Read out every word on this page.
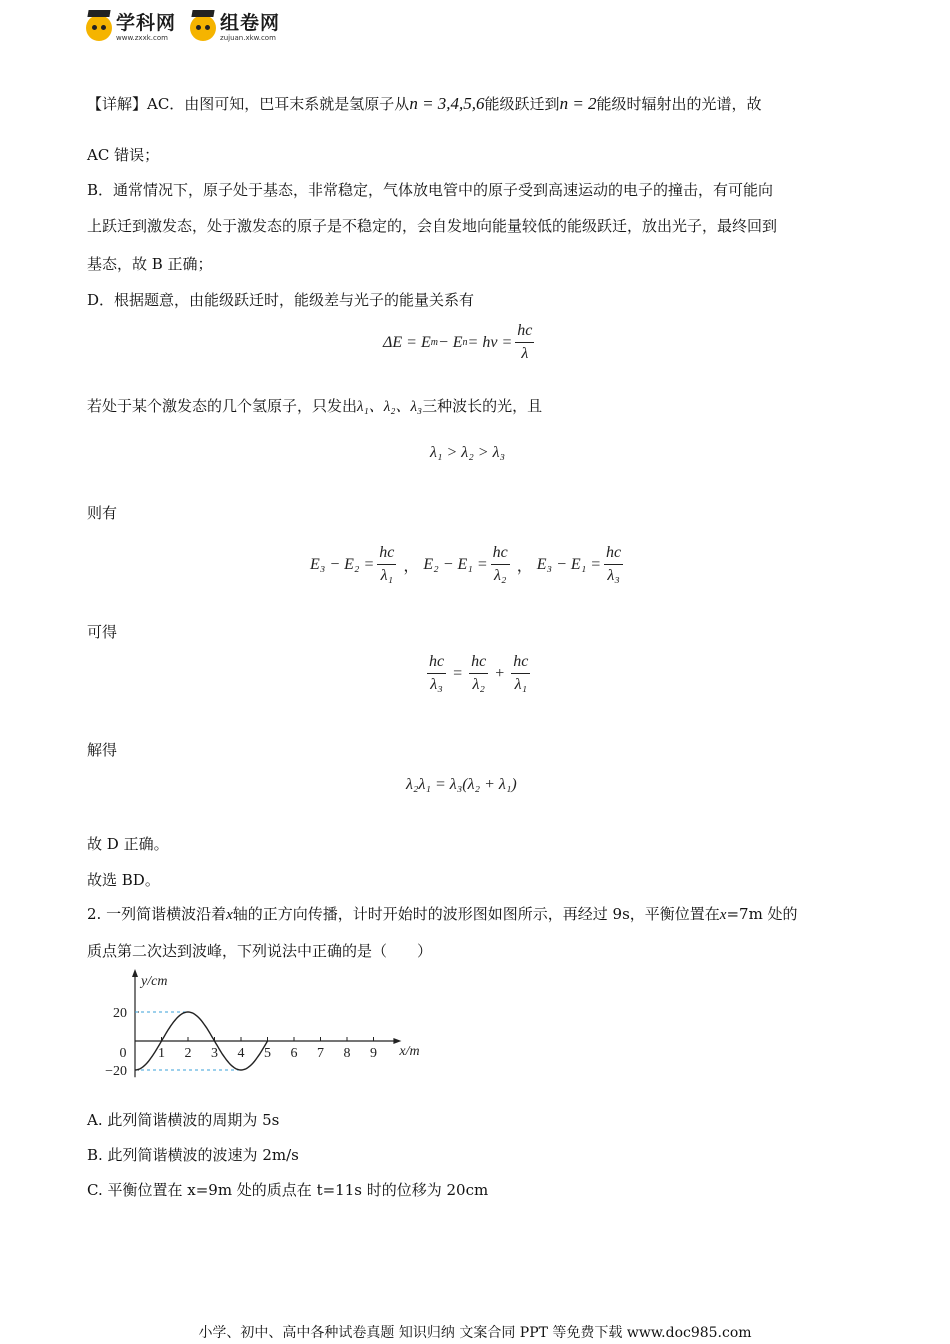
学科网
www.zxxk.com
组卷网
zujuan.xkw.com
【详解】AC．由图可知，巴耳末系就是氢原子从n = 3,4,5,6能级跃迁到n = 2能级时辐射出的光谱，故
AC 错误；
B．通常情况下，原子处于基态，非常稳定，气体放电管中的原子受到高速运动的电子的撞击，有可能向
上跃迁到激发态，处于激发态的原子是不稳定的，会自发地向能量较低的能级跃迁，放出光子，最终回到
基态，故 B 正确；
D．根据题意，由能级跃迁时，能级差与光子的能量关系有
ΔE = E m − E $n = h\nu = \frac{hc}{\lambda}$
若处于某个激发态的几个氢原子，只发出λ₁、λ₂、λ₃三种波长的光，且
λ₁ > λ₂ > λ₃
则有
$E_3 - E_2 = \frac{hc}{\text{λ₁}}$ ， $E_2 - E_1 = \frac{hc}{\text{λ₂}}$ ， $E_3 - E_1 = \frac{hc}{\text{λ₃}}$
可得
$\frac{hc}{\text{λ₃}} = \frac{hc}{\text{λ₂}} + \frac{hc}{\text{λ₁}}$
解得
λ₂λ₁ = λ₃(λ₂ + λ₁)
故 D 正确。
故选 BD。
2. 一列简谐横波沿着x轴的正方向传播，计时开始时的波形图如图所示，再经过 9s，平衡位置在x=7m 处的
质点第二次达到波峰，下列说法中正确的是（　　）
y/cm
x/m
20
−20
0 1 2 3 4 5 6 7 8 9
A. 此列简谐横波的周期为 5s
B. 此列简谐横波的波速为 2m/s
C. 平衡位置在 x=9m 处的质点在 t=11s 时的位移为 20cm
小学、初中、高中各种试卷真题 知识归纳 文案合同 PPT 等免费下载 www.doc985.com
